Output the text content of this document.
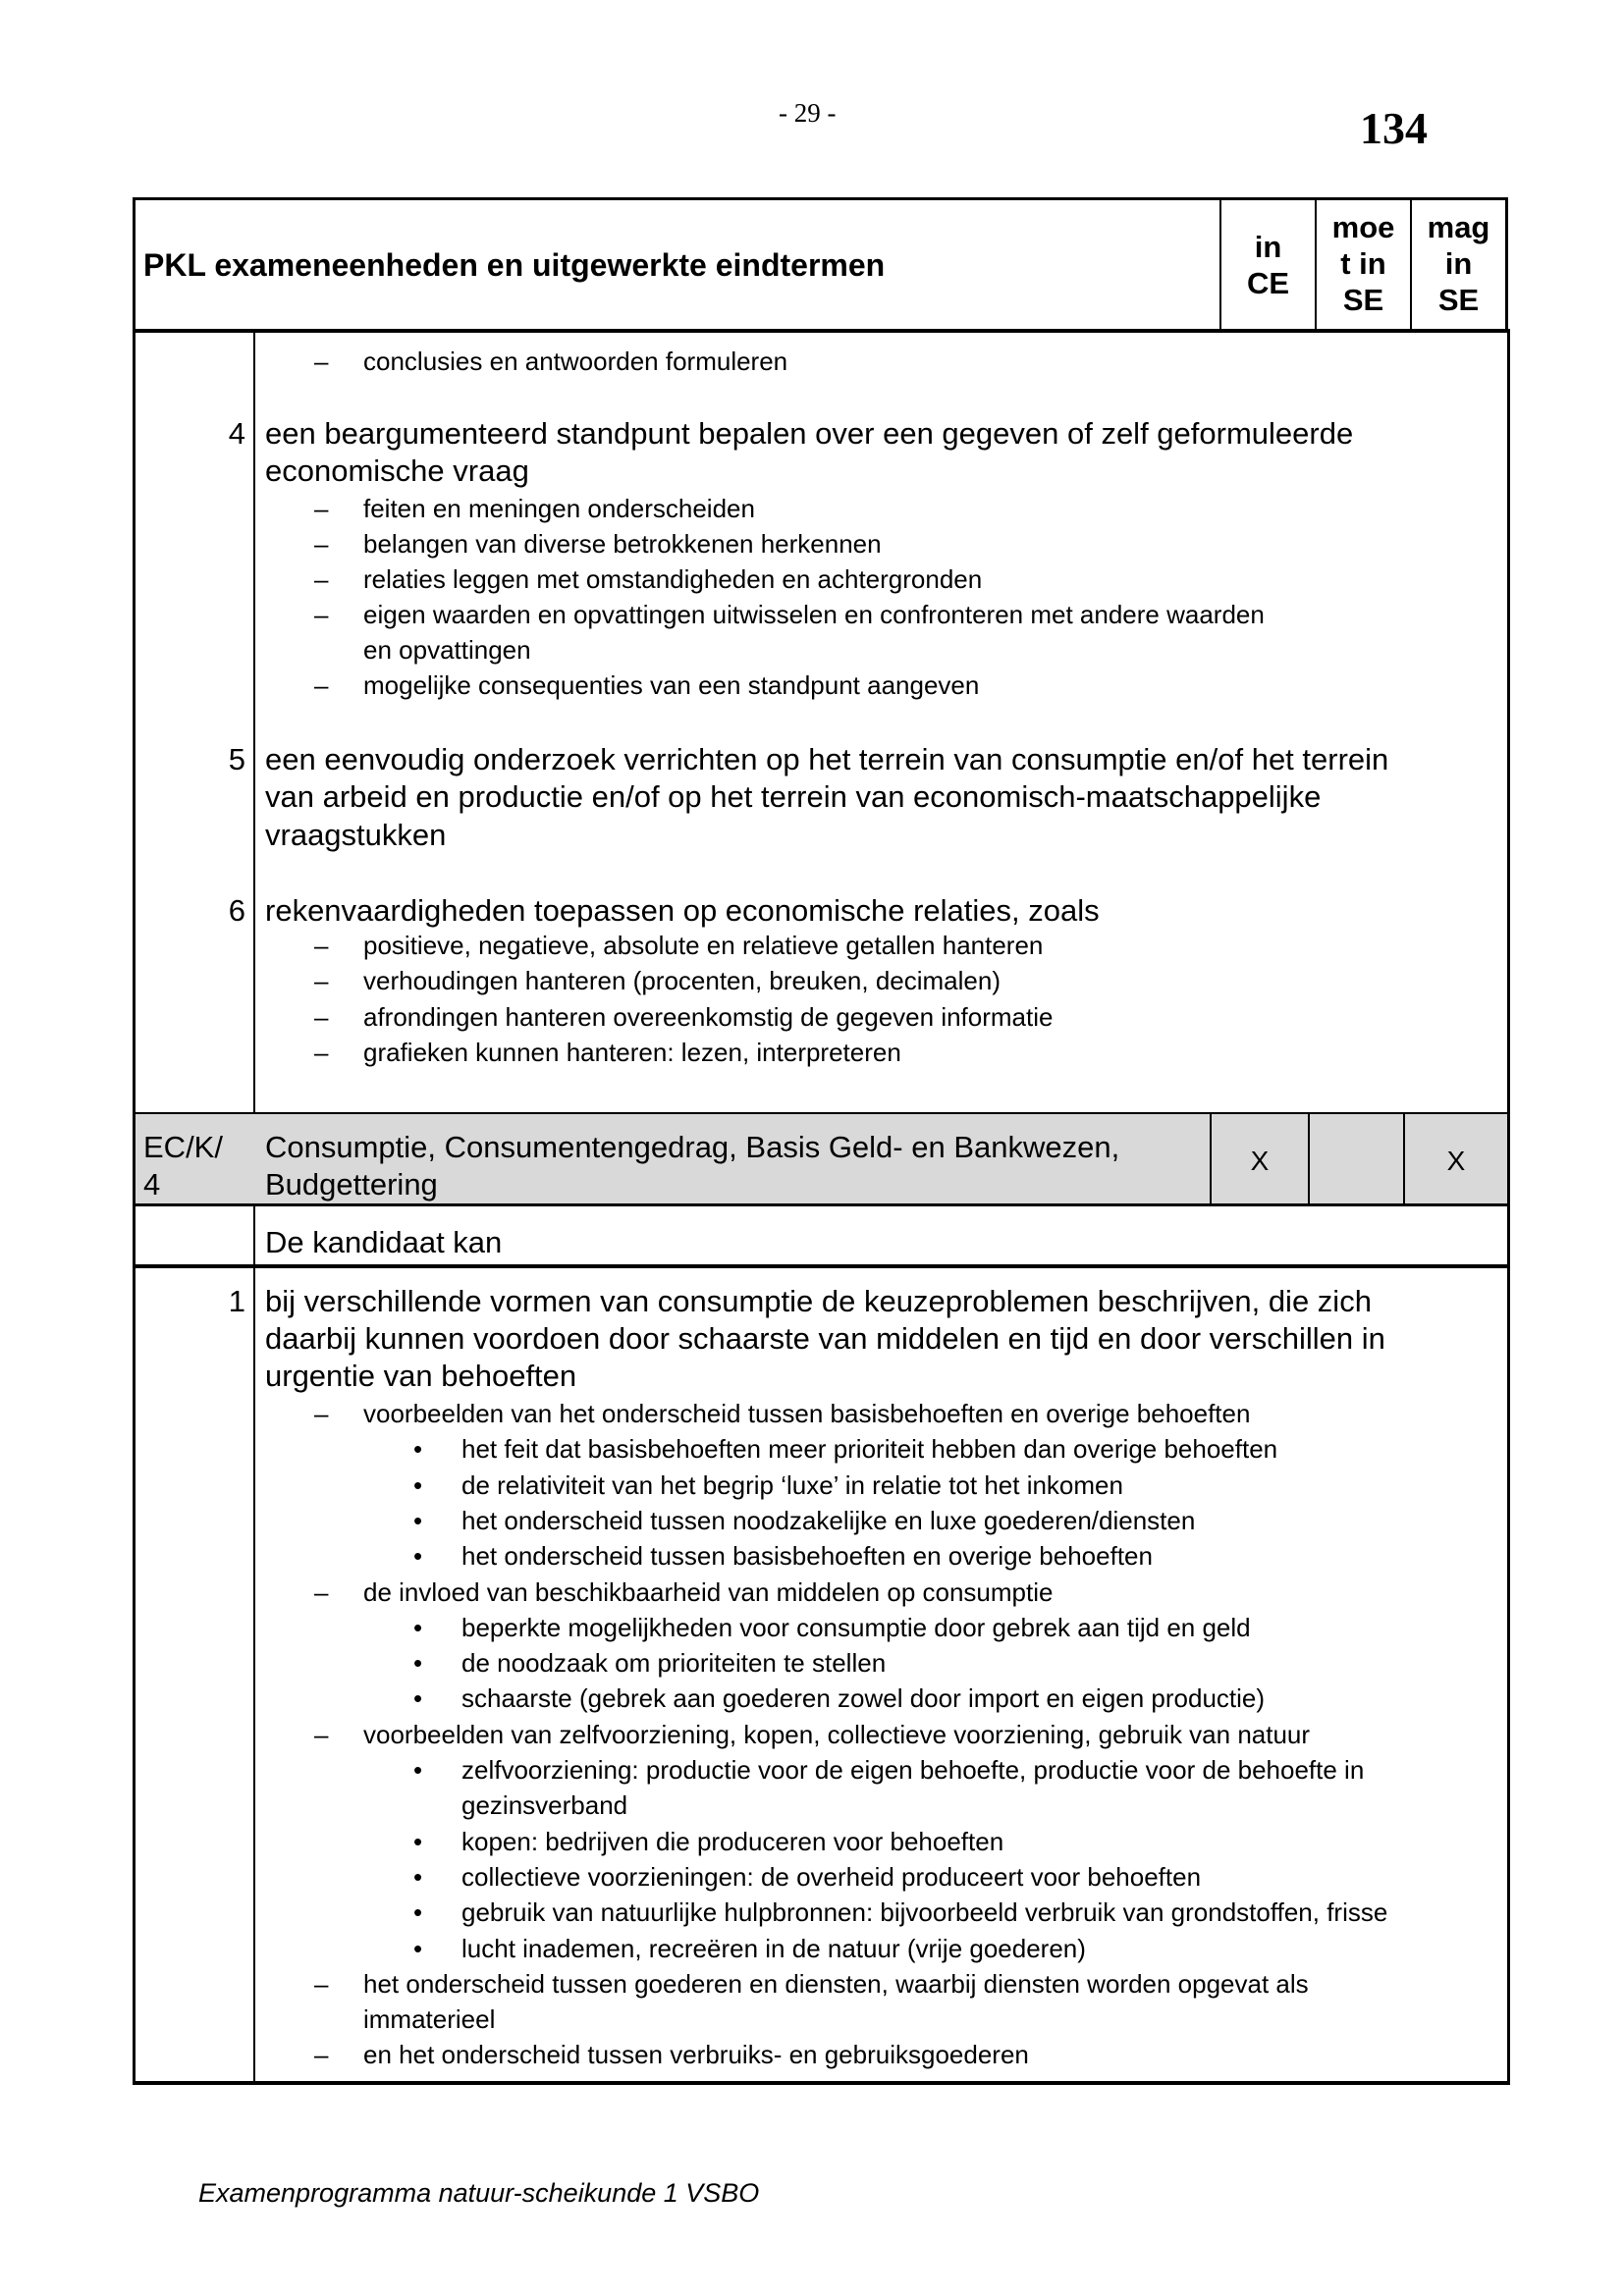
- 29 -	134
PKL exameneenheden en uitgewerkte eindtermen
in
CE
moe
t in
SE
mag
in
SE
– conclusies en antwoorden formuleren
4 een beargumenteerd standpunt bepalen over een gegeven of zelf geformuleerde
economische vraag
– feiten en meningen onderscheiden
– belangen van diverse betrokkenen herkennen
– relaties leggen met omstandigheden en achtergronden
– eigen waarden en opvattingen uitwisselen en confronteren met andere waarden
en opvattingen
– mogelijke consequenties van een standpunt aangeven
5 een eenvoudig onderzoek verrichten op het terrein van consumptie en/of het terrein
van arbeid en productie en/of op het terrein van economisch-maatschappelijke
vraagstukken
6 rekenvaardigheden toepassen op economische relaties, zoals
– positieve, negatieve, absolute en relatieve getallen hanteren
– verhoudingen hanteren (procenten, breuken, decimalen)
– afrondingen hanteren overeenkomstig de gegeven informatie
– grafieken kunnen hanteren: lezen, interpreteren
EC/K/
4
Consumptie, Consumentengedrag, Basis Geld- en Bankwezen,
Budgettering
X	X
De kandidaat kan
1 bij verschillende vormen van consumptie de keuzeproblemen beschrijven, die zich
daarbij kunnen voordoen door schaarste van middelen en tijd en door verschillen in
urgentie van behoeften
– voorbeelden van het onderscheid tussen basisbehoeften en overige behoeften
• het feit dat basisbehoeften meer prioriteit hebben dan overige behoeften
• de relativiteit van het begrip ‘luxe’ in relatie tot het inkomen
• het onderscheid tussen noodzakelijke en luxe goederen/diensten
• het onderscheid tussen basisbehoeften en overige behoeften
– de invloed van beschikbaarheid van middelen op consumptie
• beperkte mogelijkheden voor consumptie door gebrek aan tijd en geld
• de noodzaak om prioriteiten te stellen
• schaarste (gebrek aan goederen zowel door import en eigen productie)
– voorbeelden van zelfvoorziening, kopen, collectieve voorziening, gebruik van natuur
• zelfvoorziening: productie voor de eigen behoefte, productie voor de behoefte in
gezinsverband
• kopen: bedrijven die produceren voor behoeften
• collectieve voorzieningen: de overheid produceert voor behoeften
• gebruik van natuurlijke hulpbronnen: bijvoorbeeld verbruik van grondstoffen, frisse
• lucht inademen, recreëren in de natuur (vrije goederen)
– het onderscheid tussen goederen en diensten, waarbij diensten worden opgevat als
immaterieel
– en het onderscheid tussen verbruiks- en gebruiksgoederen
Examenprogramma natuur-scheikunde 1 VSBO
